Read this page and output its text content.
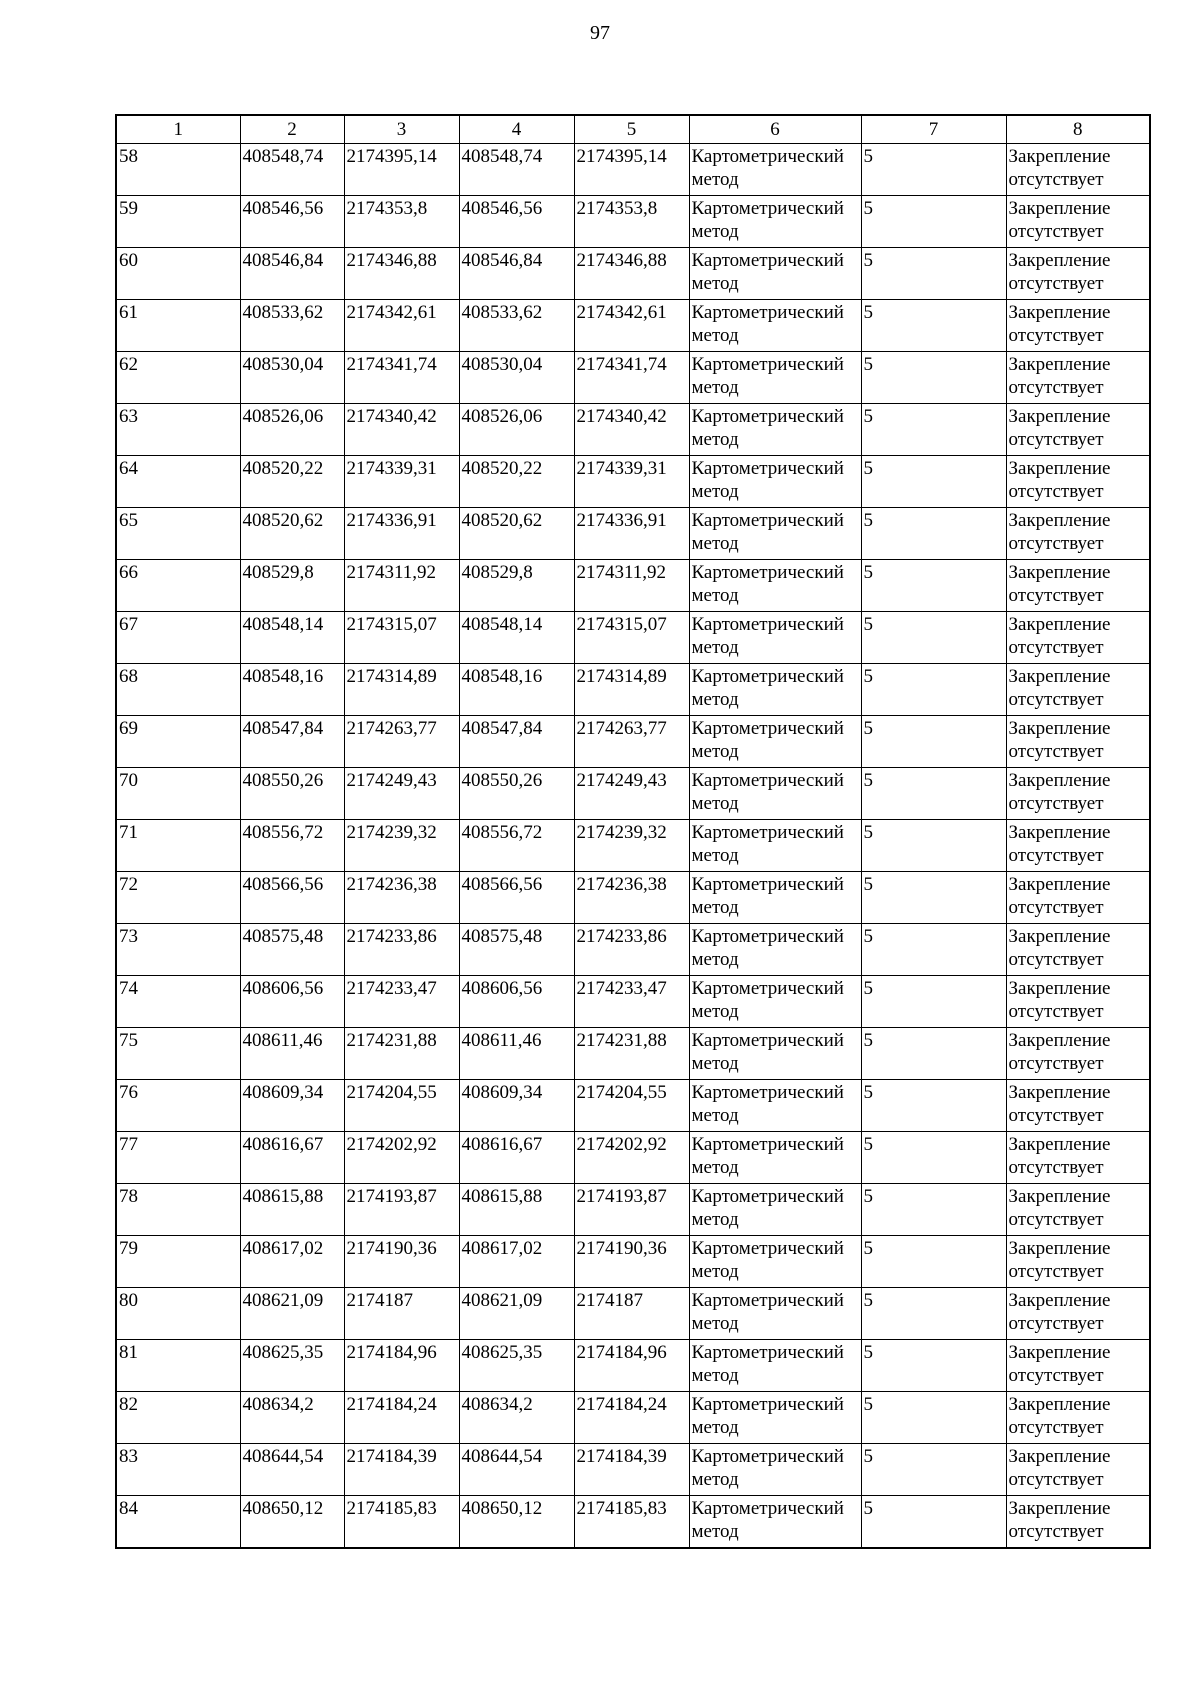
97
1	2	3	4	5	6	7	8
58	408548,74	2174395,14	408548,74	2174395,14	Картометрический метод	5	Закрепление отсутствует
59	408546,56	2174353,8	408546,56	2174353,8	Картометрический метод	5	Закрепление отсутствует
60	408546,84	2174346,88	408546,84	2174346,88	Картометрический метод	5	Закрепление отсутствует
61	408533,62	2174342,61	408533,62	2174342,61	Картометрический метод	5	Закрепление отсутствует
62	408530,04	2174341,74	408530,04	2174341,74	Картометрический метод	5	Закрепление отсутствует
63	408526,06	2174340,42	408526,06	2174340,42	Картометрический метод	5	Закрепление отсутствует
64	408520,22	2174339,31	408520,22	2174339,31	Картометрический метод	5	Закрепление отсутствует
65	408520,62	2174336,91	408520,62	2174336,91	Картометрический метод	5	Закрепление отсутствует
66	408529,8	2174311,92	408529,8	2174311,92	Картометрический метод	5	Закрепление отсутствует
67	408548,14	2174315,07	408548,14	2174315,07	Картометрический метод	5	Закрепление отсутствует
68	408548,16	2174314,89	408548,16	2174314,89	Картометрический метод	5	Закрепление отсутствует
69	408547,84	2174263,77	408547,84	2174263,77	Картометрический метод	5	Закрепление отсутствует
70	408550,26	2174249,43	408550,26	2174249,43	Картометрический метод	5	Закрепление отсутствует
71	408556,72	2174239,32	408556,72	2174239,32	Картометрический метод	5	Закрепление отсутствует
72	408566,56	2174236,38	408566,56	2174236,38	Картометрический метод	5	Закрепление отсутствует
73	408575,48	2174233,86	408575,48	2174233,86	Картометрический метод	5	Закрепление отсутствует
74	408606,56	2174233,47	408606,56	2174233,47	Картометрический метод	5	Закрепление отсутствует
75	408611,46	2174231,88	408611,46	2174231,88	Картометрический метод	5	Закрепление отсутствует
76	408609,34	2174204,55	408609,34	2174204,55	Картометрический метод	5	Закрепление отсутствует
77	408616,67	2174202,92	408616,67	2174202,92	Картометрический метод	5	Закрепление отсутствует
78	408615,88	2174193,87	408615,88	2174193,87	Картометрический метод	5	Закрепление отсутствует
79	408617,02	2174190,36	408617,02	2174190,36	Картометрический метод	5	Закрепление отсутствует
80	408621,09	2174187	408621,09	2174187	Картометрический метод	5	Закрепление отсутствует
81	408625,35	2174184,96	408625,35	2174184,96	Картометрический метод	5	Закрепление отсутствует
82	408634,2	2174184,24	408634,2	2174184,24	Картометрический метод	5	Закрепление отсутствует
83	408644,54	2174184,39	408644,54	2174184,39	Картометрический метод	5	Закрепление отсутствует
84	408650,12	2174185,83	408650,12	2174185,83	Картометрический метод	5	Закрепление отсутствует
